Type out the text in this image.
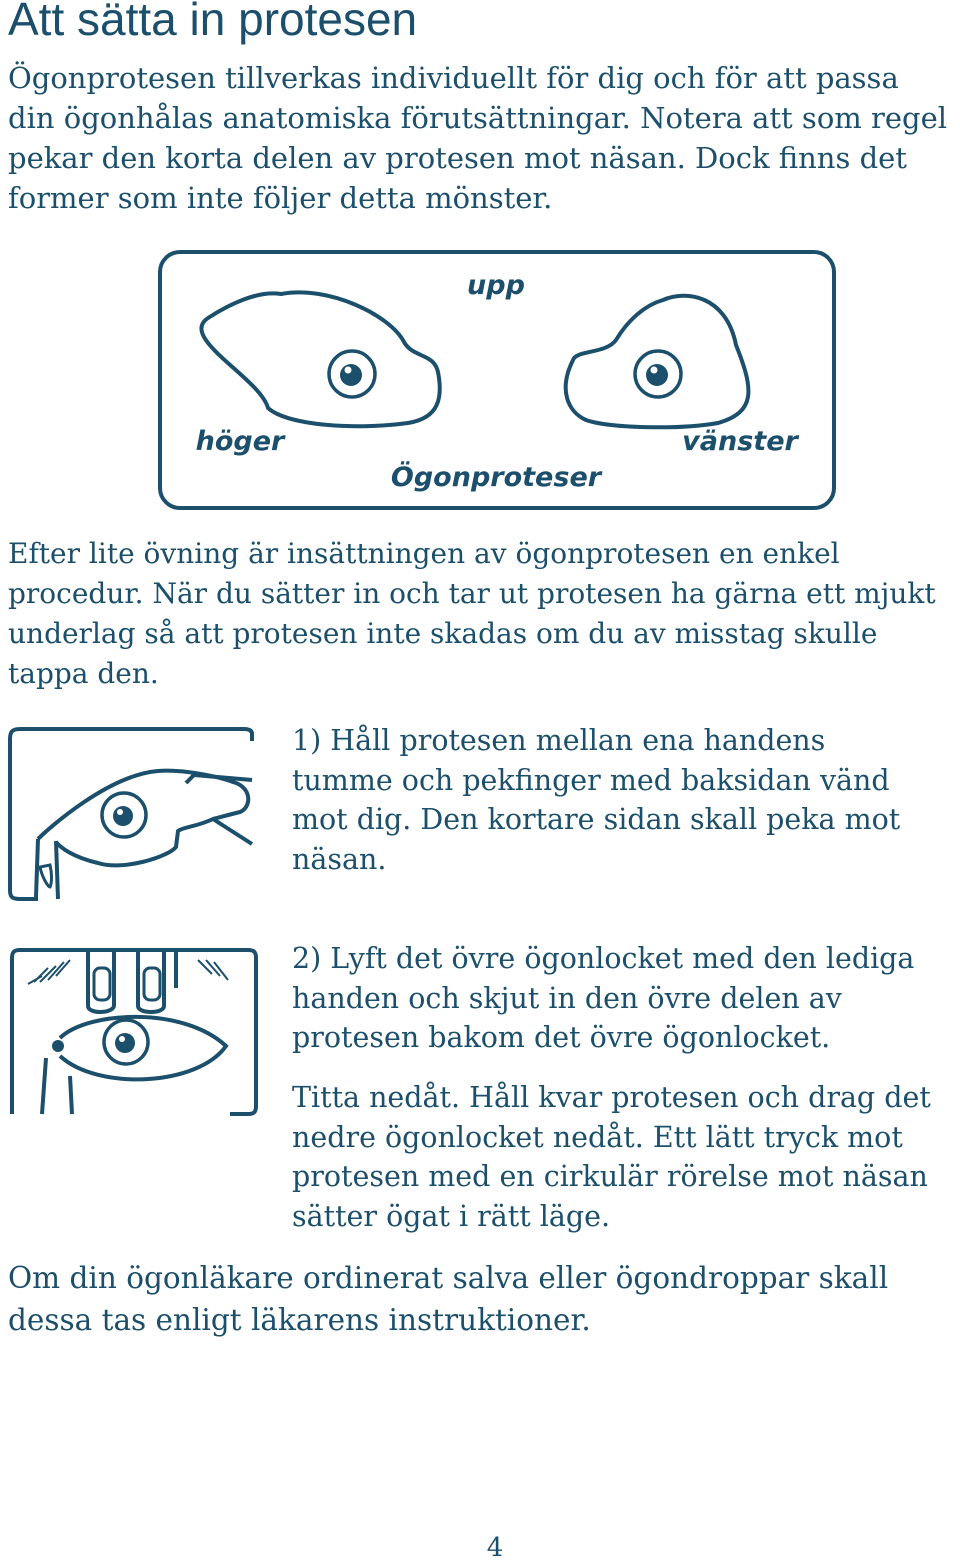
Att sätta in protesen

Ögonprotesen tillverkas individuellt för dig och för att passa din ögonhålas anatomiska förutsättningar. Notera att som regel pekar den korta delen av protesen mot näsan. Dock finns det former som inte följer detta mönster.

upp
höger	vänster
Ögonproteser

Efter lite övning är insättningen av ögonprotesen en enkel procedur. När du sätter in och tar ut protesen ha gärna ett mjukt underlag så att protesen inte skadas om du av misstag skulle tappa den.

1) Håll protesen mellan ena handens tumme och pekfinger med baksidan vänd mot dig. Den kortare sidan skall peka mot näsan.

2) Lyft det övre ögonlocket med den lediga handen och skjut in den övre delen av protesen bakom det övre ögonlocket.

Titta nedåt. Håll kvar protesen och drag det nedre ögonlocket nedåt. Ett lätt tryck mot protesen med en cirkulär rörelse mot näsan sätter ögat i rätt läge.

Om din ögonläkare ordinerat salva eller ögondroppar skall dessa tas enligt läkarens instruktioner.

4
